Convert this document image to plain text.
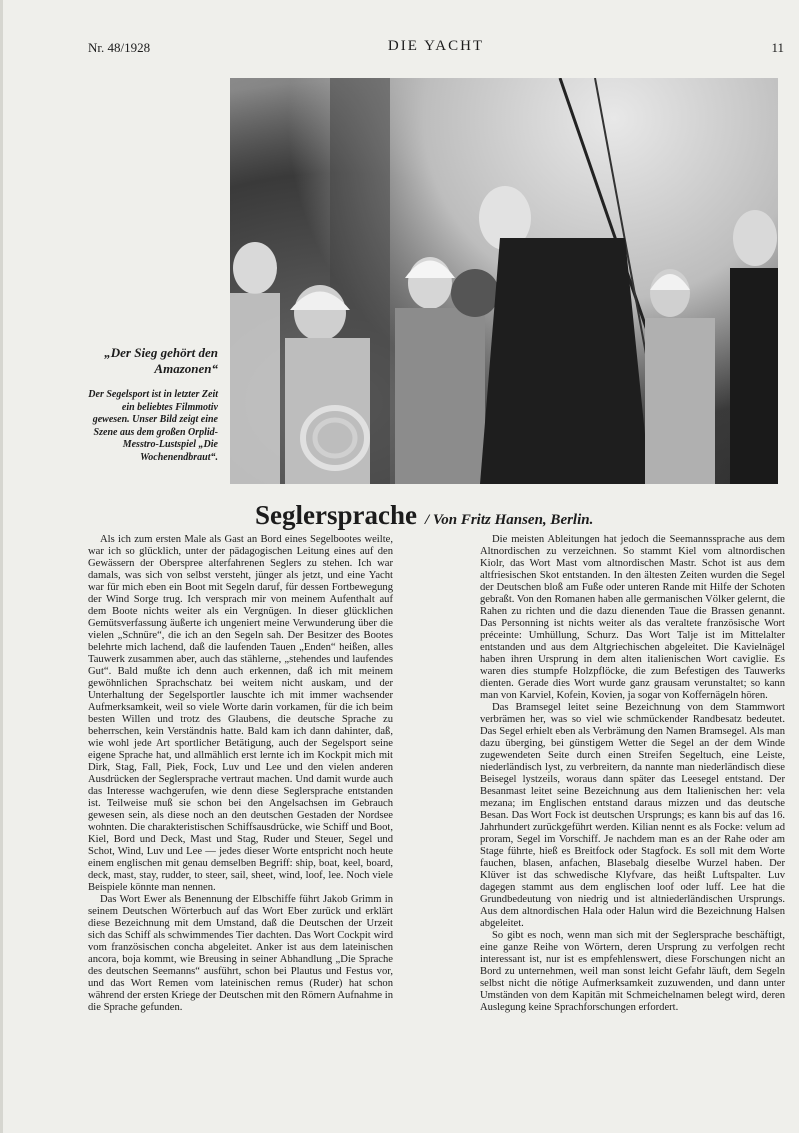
Nr. 48/1928	DIE YACHT	11
„Der Sieg gehört den Amazonen“
Der Segelsport ist in letzter Zeit ein beliebtes Filmmotiv gewesen. Unser Bild zeigt eine Szene aus dem großen Orplid-Messtro-Lustspiel „Die Wochenendbraut“.
Seglersprache / Von Fritz Hansen, Berlin.

Als ich zum ersten Male als Gast an Bord eines Segelbootes weilte, war ich so glücklich, unter der pädagogischen Leitung eines auf den Gewässern der Oberspree alterfahrenen Seglers zu stehen. Ich war damals, was sich von selbst versteht, jünger als jetzt, und eine Yacht war für mich eben ein Boot mit Segeln daruf, für dessen Fortbewegung der Wind Sorge trug. Ich versprach mir von meinem Aufenthalt auf dem Boote nichts weiter als ein Vergnügen. In dieser glücklichen Gemütsverfassung äußerte ich ungeniert meine Verwunderung über die vielen „Schnüre“, die ich an den Segeln sah. Der Besitzer des Bootes belehrte mich lachend, daß die laufenden Tauen „Enden“ heißen, alles Tauwerk zusammen aber, auch das stählerne, „stehendes und laufendes Gut“. Bald mußte ich denn auch erkennen, daß ich mit meinem gewöhnlichen Sprachschatz bei weitem nicht auskam, und der Unterhaltung der Segelsportler lauschte ich mit immer wachsender Aufmerksamkeit, weil so viele Worte darin vorkamen, für die ich beim besten Willen und trotz des Glaubens, die deutsche Sprache zu beherrschen, kein Verständnis hatte. Bald kam ich dann dahinter, daß, wie wohl jede Art sportlicher Betätigung, auch der Segelsport seine eigene Sprache hat, und allmählich erst lernte ich im Kockpit mich mit Dirk, Stag, Fall, Piek, Fock, Luv und Lee und den vielen anderen Ausdrücken der Seglersprache vertraut machen. Und damit wurde auch das Interesse wachgerufen, wie denn diese Seglersprache entstanden ist. Teilweise muß sie schon bei den Angelsachsen im Gebrauch gewesen sein, als diese noch an den deutschen Gestaden der Nordsee wohnten. Die charakteristischen Schiffsausdrücke, wie Schiff und Boot, Kiel, Bord und Deck, Mast und Stag, Ruder und Steuer, Segel und Schot, Wind, Luv und Lee — jedes dieser Worte entspricht noch heute einem englischen mit genau demselben Begriff: ship, boat, keel, board, deck, mast, stay, rudder, to steer, sail, sheet, wind, loof, lee. Noch viele Beispiele könnte man nennen.

Das Wort Ewer als Benennung der Elbschiffe führt Jakob Grimm in seinem Deutschen Wörterbuch auf das Wort Eber zurück und erklärt diese Bezeichnung mit dem Umstand, daß die Deutschen der Urzeit sich das Schiff als schwimmendes Tier dachten. Das Wort Cockpit wird vom französischen concha abgeleitet. Anker ist aus dem lateinischen ancora, boja kommt, wie Breusing in seiner Abhandlung „Die Sprache des deutschen Seemanns“ ausführt, schon bei Plautus und Festus vor, und das Wort Remen vom lateinischen remus (Ruder) hat schon während der ersten Kriege der Deutschen mit den Römern Aufnahme in die Sprache gefunden.

Die meisten Ableitungen hat jedoch die Seemannssprache aus dem Altnordischen zu verzeichnen. So stammt Kiel vom altnordischen Kiolr, das Wort Mast vom altnordischen Mastr. Schot ist aus dem altfriesischen Skot entstanden. In den ältesten Zeiten wurden die Segel der Deutschen bloß am Fuße oder unteren Rande mit Hilfe der Schoten gebraßt. Von den Romanen haben alle germanischen Völker gelernt, die Rahen zu richten und die dazu dienenden Taue die Brassen genannt. Das Personning ist nichts weiter als das veraltete französische Wort préceinte: Umhüllung, Schurz. Das Wort Talje ist im Mittelalter entstanden und aus dem Altgriechischen abgeleitet. Die Kavielnägel haben ihren Ursprung in dem alten italienischen Wort caviglie. Es waren dies stumpfe Holzpflöcke, die zum Befestigen des Tauwerks dienten. Gerade dies Wort wurde ganz grausam verunstaltet; so kann man von Karviel, Kofein, Kovien, ja sogar von Koffernägeln hören.

Das Bramsegel leitet seine Bezeichnung von dem Stammwort verbrämen her, was so viel wie schmückender Randbesatz bedeutet. Das Segel erhielt eben als Verbrämung den Namen Bramsegel. Als man dazu überging, bei günstigem Wetter die Segel an der dem Winde zugewendeten Seite durch einen Streifen Segeltuch, eine Leiste, niederländisch lyst, zu verbreitern, da nannte man niederländisch diese Beisegel lystzeils, woraus dann später das Leesegel entstand. Der Besanmast leitet seine Bezeichnung aus dem Italienischen her: vela mezana; im Englischen entstand daraus mizzen und das deutsche Besan. Das Wort Fock ist deutschen Ursprungs; es kann bis auf das 16. Jahrhundert zurückgeführt werden. Kilian nennt es als Focke: velum ad proram, Segel im Vorschiff. Je nachdem man es an der Rahe oder am Stage führte, hieß es Breitfock oder Stagfock. Es soll mit dem Worte fauchen, blasen, anfachen, Blasebalg dieselbe Wurzel haben. Der Klüver ist das schwedische Klyfvare, das heißt Luftspalter. Luv dagegen stammt aus dem englischen loof oder luff. Lee hat die Grundbedeutung von niedrig und ist altniederländischen Ursprungs. Aus dem altnordischen Hala oder Halun wird die Bezeichnung Halsen abgeleitet.

So gibt es noch, wenn man sich mit der Seglersprache beschäftigt, eine ganze Reihe von Wörtern, deren Ursprung zu verfolgen recht interessant ist, nur ist es empfehlenswert, diese Forschungen nicht an Bord zu unternehmen, weil man sonst leicht Gefahr läuft, dem Segeln selbst nicht die nötige Aufmerksamkeit zuzuwenden, und dann unter Umständen von dem Kapitän mit Schmeichelnamen belegt wird, deren Auslegung keine Sprachforschungen erfordert.
